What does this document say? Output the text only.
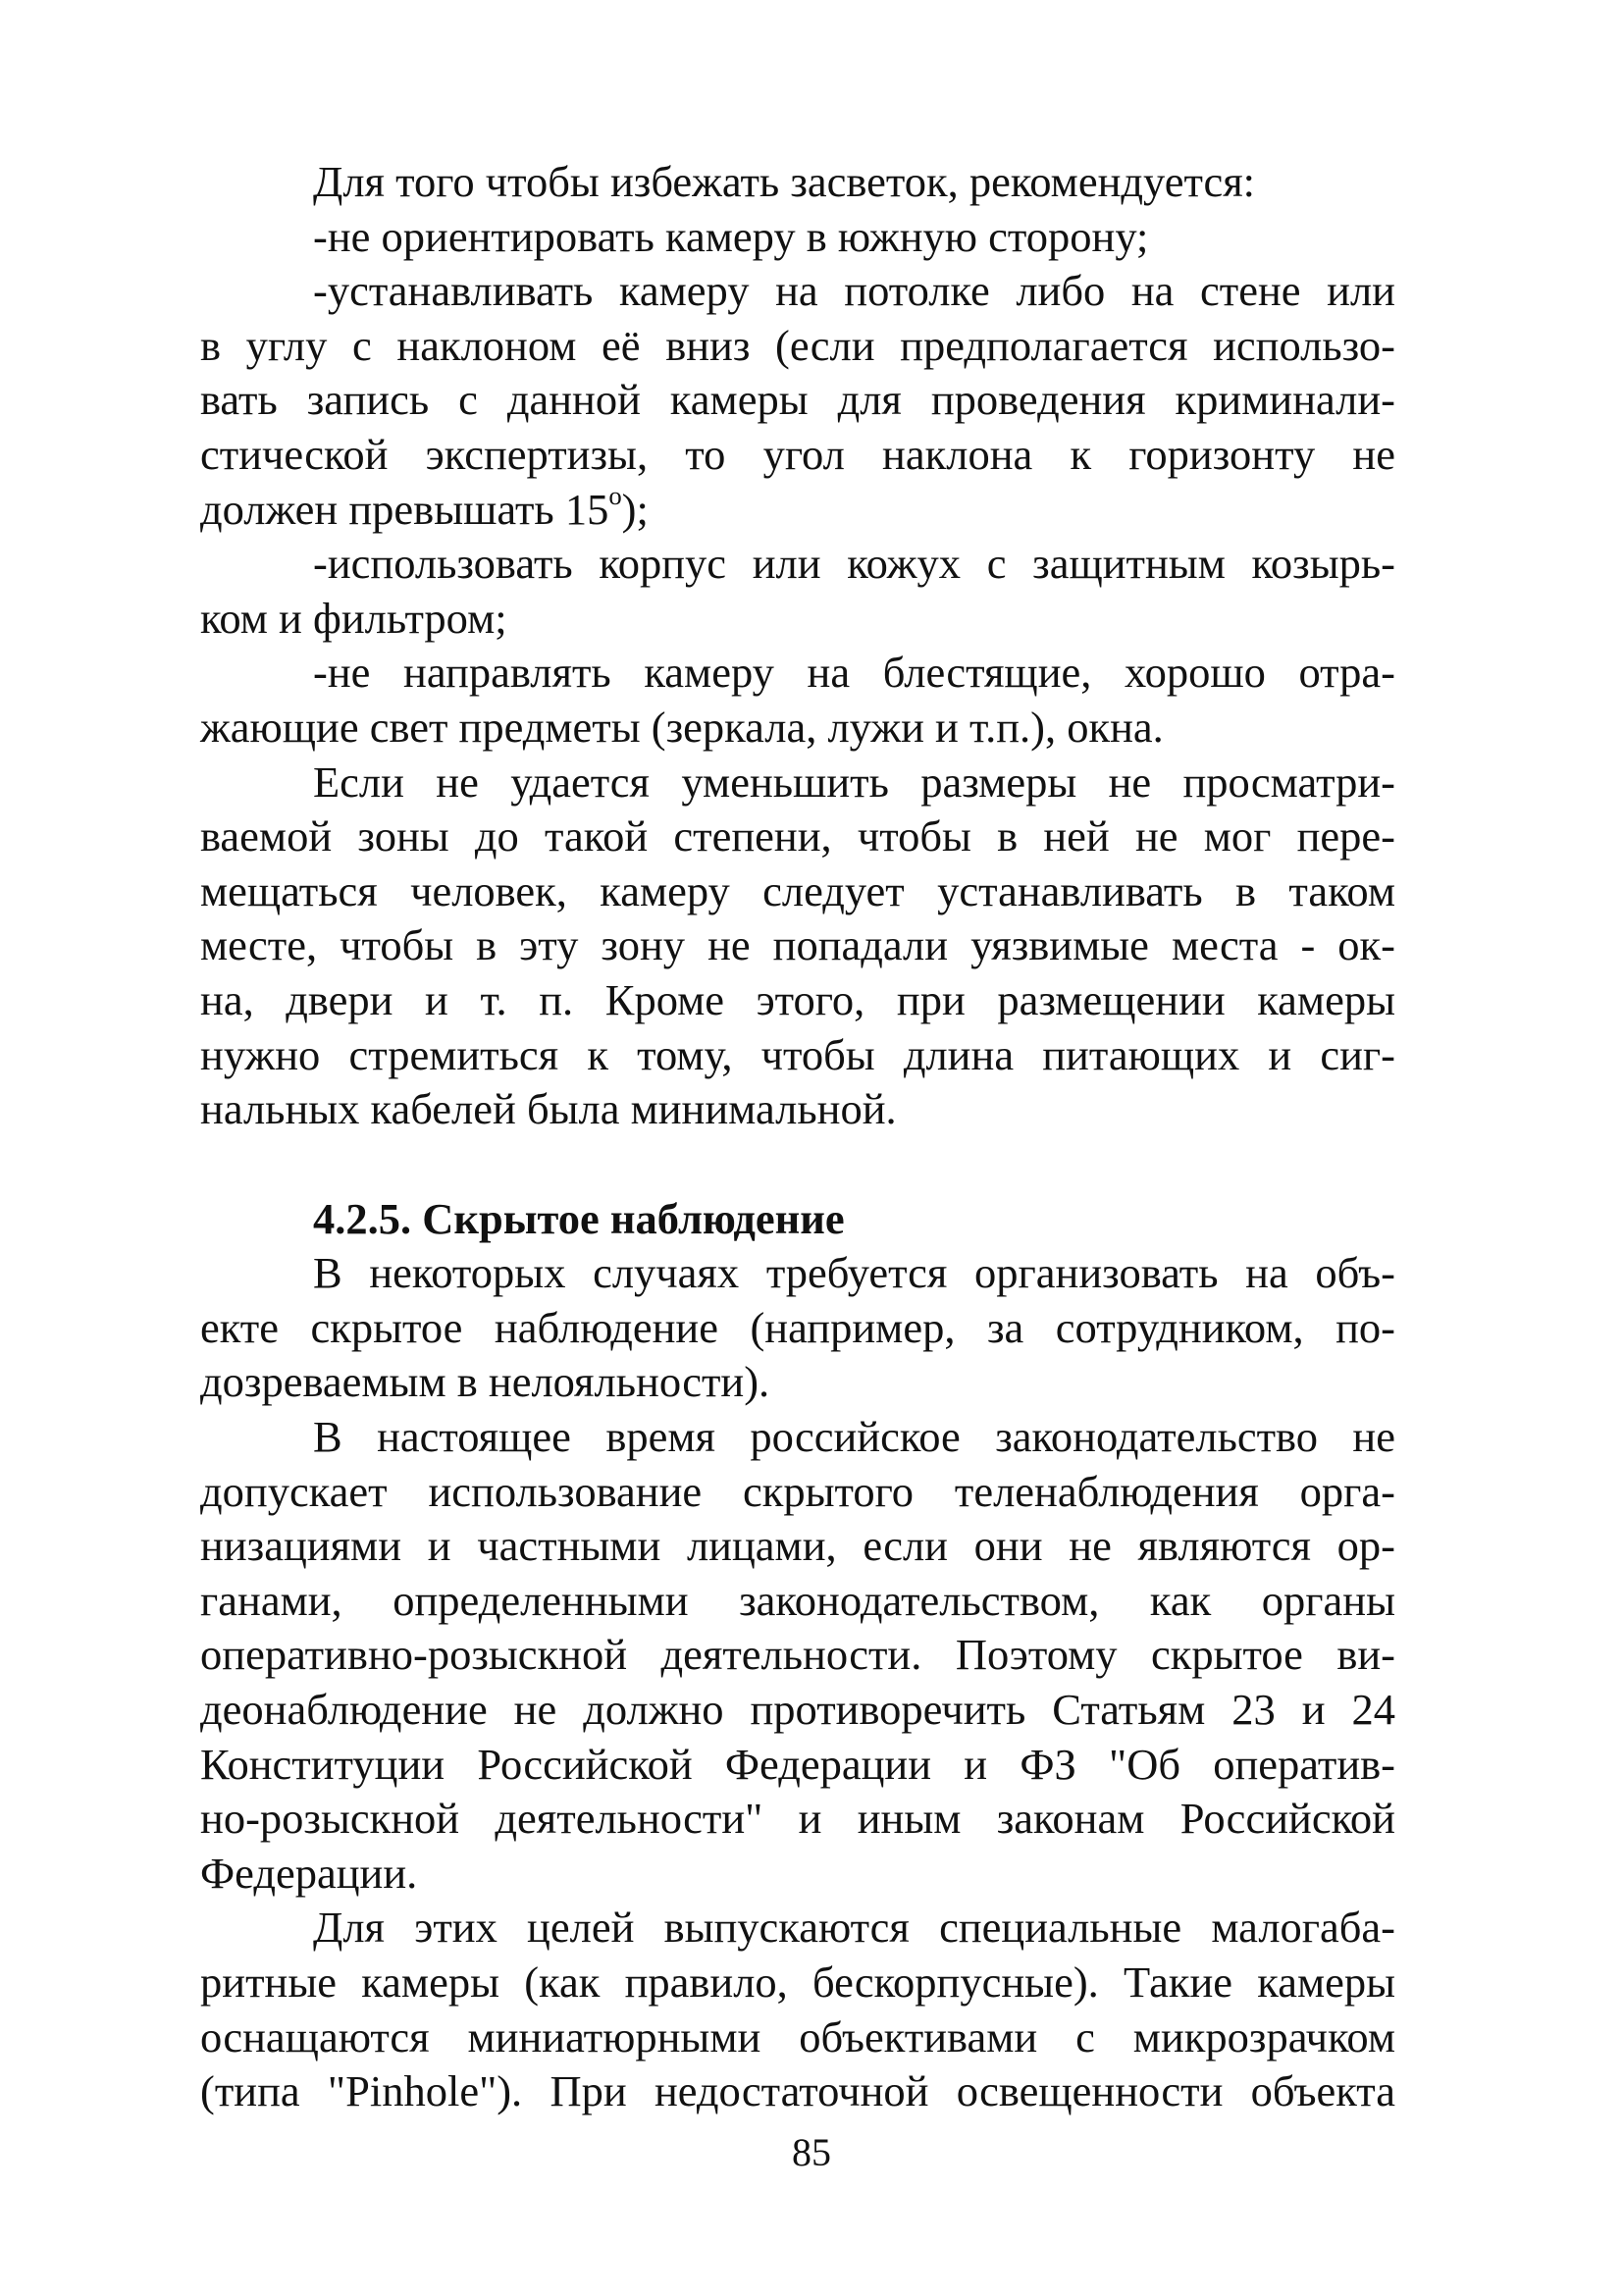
Для того чтобы избежать засветок, рекомендуется:
-не ориентировать камеру в южную сторону;
-устанавливать камеру на потолке либо на стене или
в углу с наклоном её вниз (если предполагается использо-
вать запись с данной камеры для проведения криминали-
стической экспертизы, то угол наклона к горизонту не
должен превышать $15^о$);
-использовать корпус или кожух с защитным козырь-
ком и фильтром;
-не направлять камеру на блестящие, хорошо отра-
жающие свет предметы (зеркала, лужи и т.п.), окна.
Если не удается уменьшить размеры не просматри-
ваемой зоны до такой степени, чтобы в ней не мог пере-
мещаться человек, камеру следует устанавливать в таком
месте, чтобы в эту зону не попадали уязвимые места - ок-
на, двери и т. п. Кроме этого, при размещении камеры
нужно стремиться к тому, чтобы длина питающих и сиг-
нальных кабелей была минимальной.
4.2.5. Скрытое наблюдение
В некоторых случаях требуется организовать на объ-
екте скрытое наблюдение (например, за сотрудником, по-
дозреваемым в нелояльности).
В настоящее время российское законодательство не
допускает использование скрытого теленаблюдения орга-
низациями и частными лицами, если они не являются ор-
ганами, определенными законодательством, как органы
оперативно-розыскной деятельности. Поэтому скрытое ви-
деонаблюдение не должно противоречить Статьям 23 и 24
Конституции Российской Федерации и ФЗ "Об оператив-
но-розыскной деятельности" и иным законам Российской
Федерации.
Для этих целей выпускаются специальные малогаба-
ритные камеры (как правило, бескорпусные). Такие камеры
оснащаются миниатюрными объективами с микрозрачком
(типа "Pinhole"). При недостаточной освещенности объекта
85
